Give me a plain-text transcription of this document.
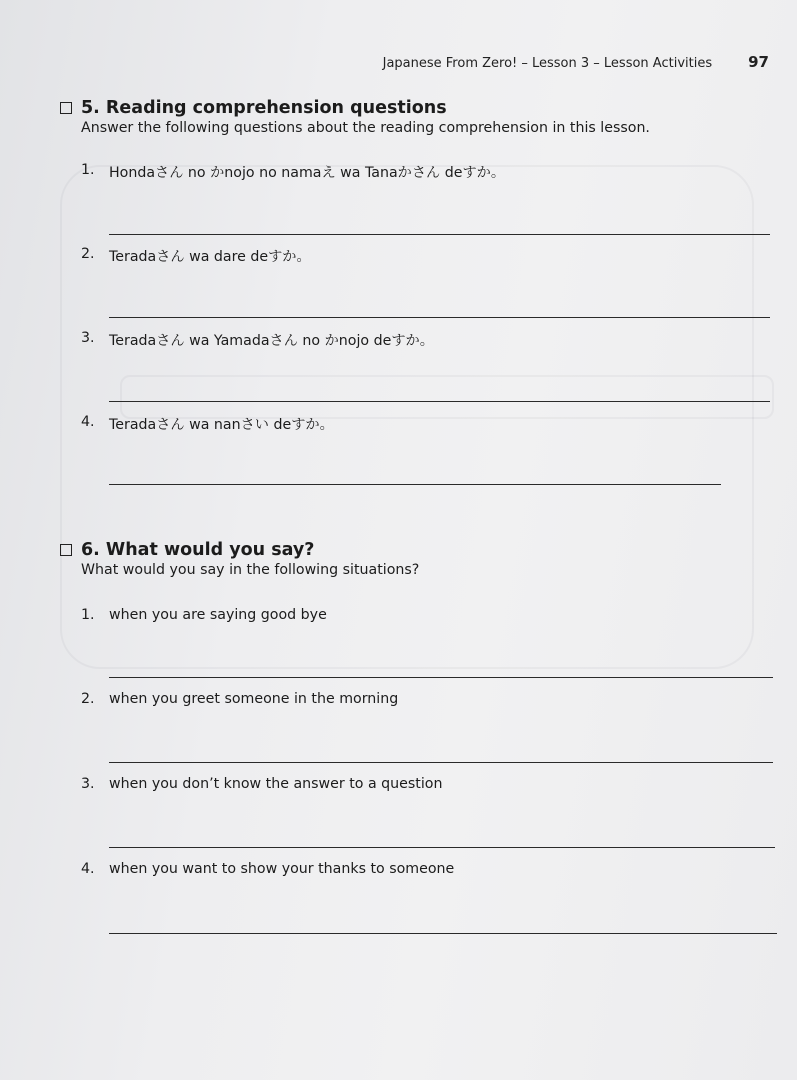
Japanese From Zero! – Lesson 3 – Lesson Activities 97
5. Reading comprehension questions
Answer the following questions about the reading comprehension in this lesson.
1.	Hondaさん no かnojo no namaえ wa Tanaかさん deすか。
2.	Teradaさん wa dare deすか。
3.	Teradaさん wa Yamadaさん no かnojo deすか。
4.	Teradaさん wa nanさい deすか。
6. What would you say?
What would you say in the following situations?
1.	when you are saying good bye
2.	when you greet someone in the morning
3.	when you don’t know the answer to a question
4.	when you want to show your thanks to someone
